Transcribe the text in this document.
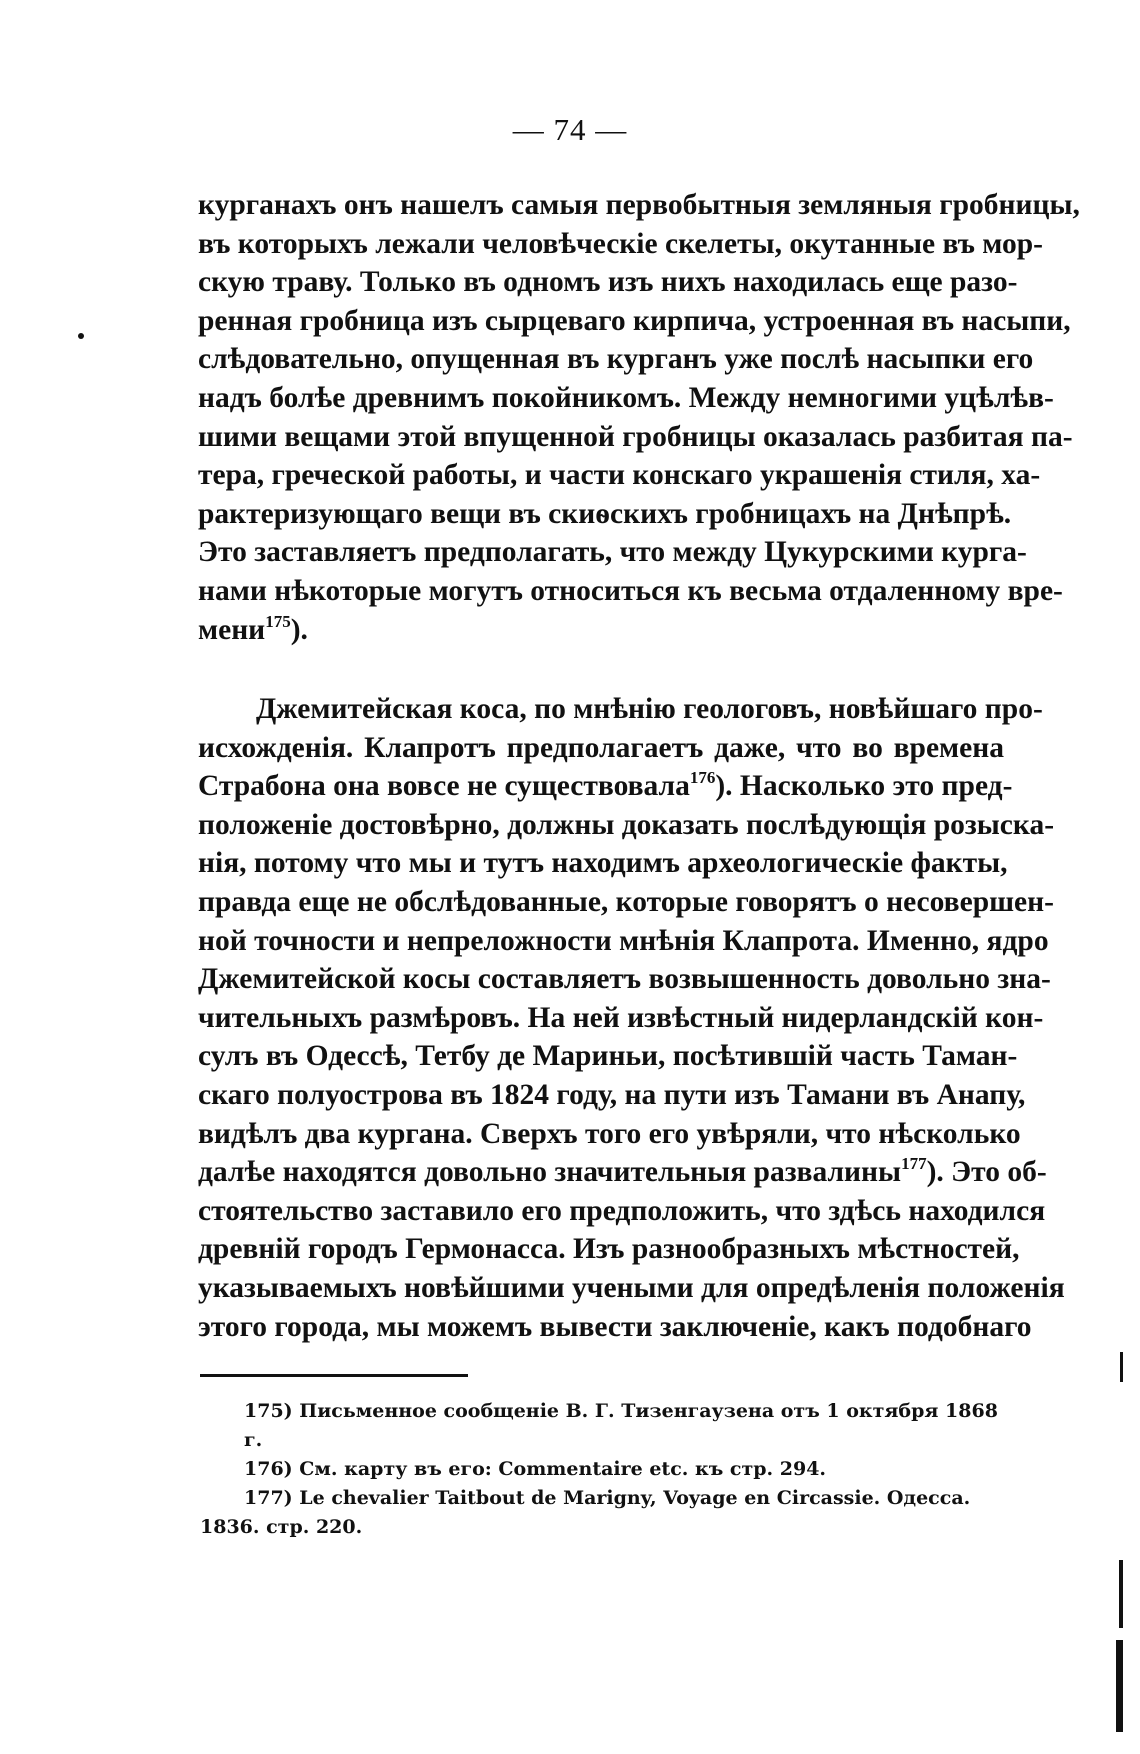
— 74 —
курганахъ онъ нашелъ самыя первобытныя земляныя гробницы,
въ которыхъ лежали человѣческіе скелеты, окутанные въ мор-
скую траву. Только въ одномъ изъ нихъ находилась еще разо-
ренная гробница изъ сырцеваго кирпича, устроенная въ насыпи,
слѣдовательно, опущенная въ курганъ уже послѣ насыпки его
надъ болѣе древнимъ покойникомъ. Между немногими уцѣлѣв-
шими вещами этой впущенной гробницы оказалась разбитая па-
тера, греческой работы, и части конскаго украшенія стиля, ха-
рактеризующаго вещи въ скиѳскихъ гробницахъ на Днѣпрѣ.
Это заставляетъ предполагать, что между Цукурскими курга-
нами нѣкоторые могутъ относиться къ весьма отдаленному вре-
мени$^{175}$).
Джемитейская коса, по мнѣнію геологовъ, новѣйшаго про-
исхожденія. Клапротъ предполагаетъ даже, что во времена
Страбона она вовсе не существовала$^{176}$). Насколько это пред-
положеніе достовѣрно, должны доказать послѣдующія розыска-
нія, потому что мы и тутъ находимъ археологическіе факты,
правда еще не обслѣдованные, которые говорятъ о несовершен-
ной точности и непреложности мнѣнія Клапрота. Именно, ядро
Джемитейской косы составляетъ возвышенность довольно зна-
чительныхъ размѣровъ. На ней извѣстный нидерландскій кон-
сулъ въ Одессѣ, Тетбу де Мариньи, посѣтившій часть Таман-
скаго полуострова въ 1824 году, на пути изъ Тамани въ Анапу,
видѣлъ два кургана. Сверхъ того его увѣряли, что нѣсколько
далѣе находятся довольно значительныя развалины$^{177}$). Это об-
стоятельство заставило его предположить, что здѣсь находился
древній городъ Гермонасса. Изъ разнообразныхъ мѣстностей,
указываемыхъ новѣйшими учеными для опредѣленія положенія
этого города, мы можемъ вывести заключеніе, какъ подобнаго
175) Письменное сообщеніе В. Г. Тизенгаузена отъ 1 октября 1868 г.
176) См. карту въ его: Commentaire etc. къ стр. 294.
177) Le chevalier Taitbout de Marigny, Voyage en Circassie. Одесса.
1836. стр. 220.
